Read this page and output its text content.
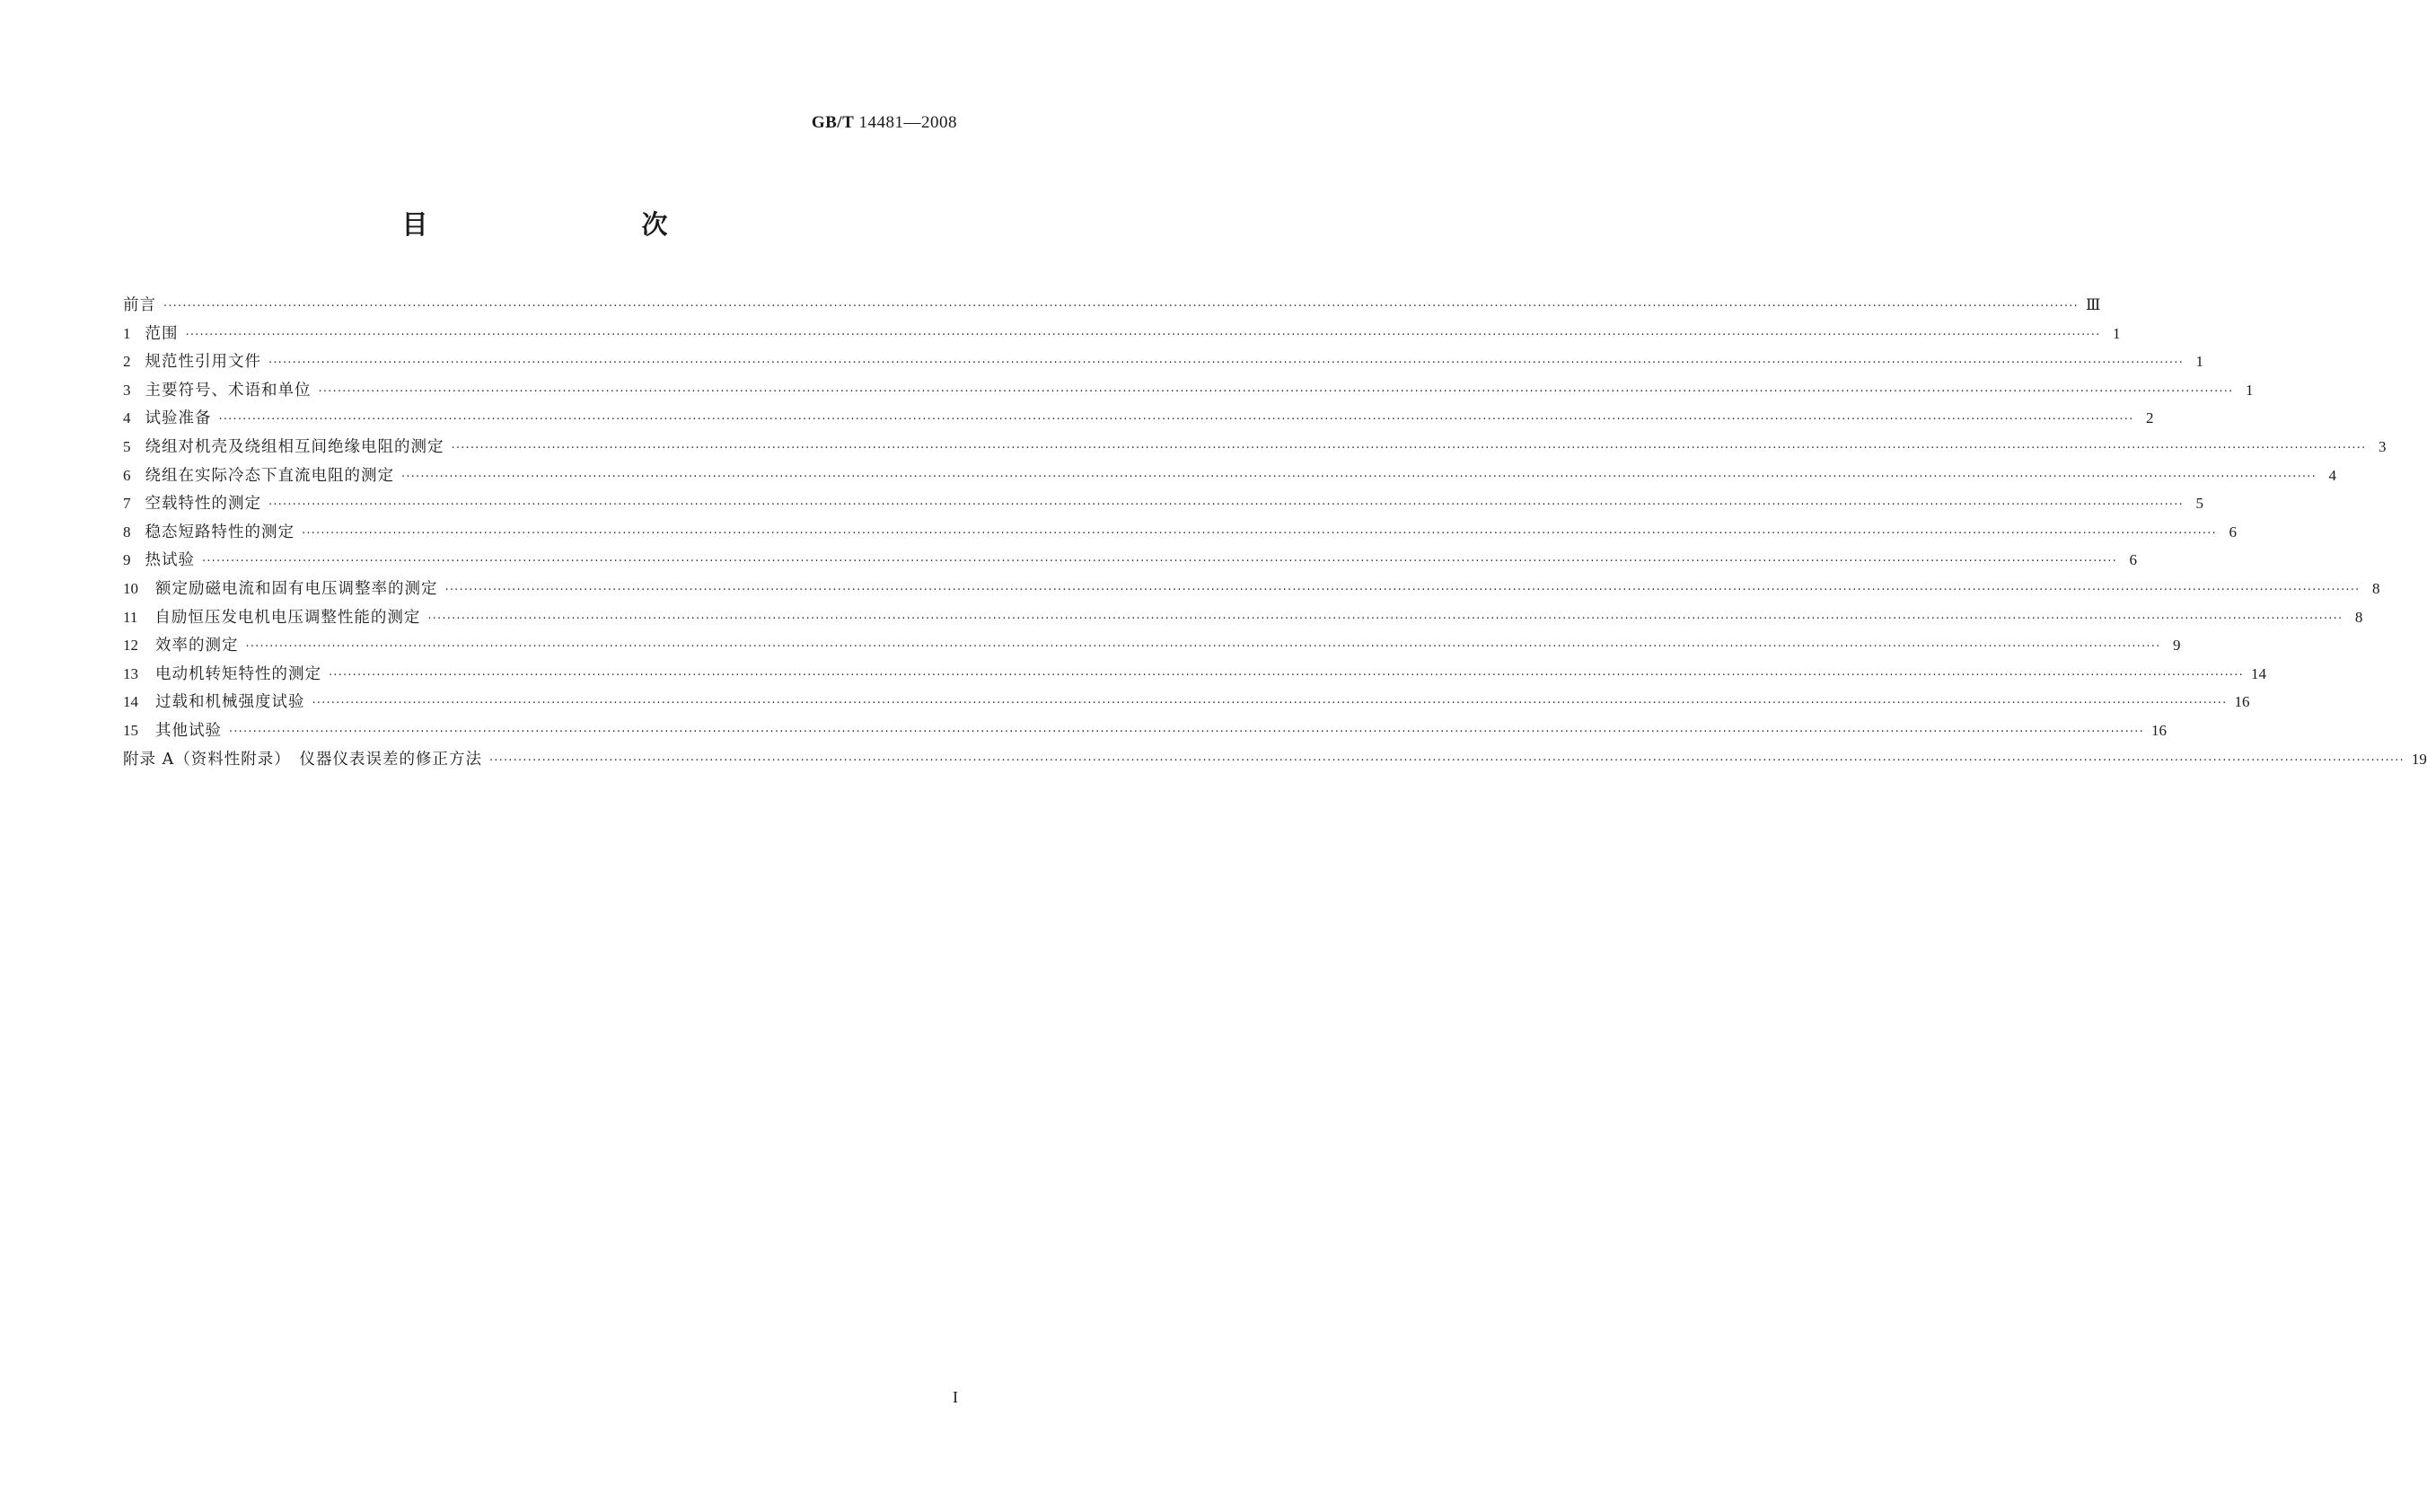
GB/T 14481—2008
目　　次
前言 ················································································································································································································································································································································································································ Ⅲ
1 范围 ················································································································································································································································································································································································································ 1
2 规范性引用文件 ················································································································································································································································································································································································································ 1
3 主要符号、术语和单位 ················································································································································································································································································································································································································ 1
4 试验准备 ················································································································································································································································································································································································································ 2
5 绕组对机壳及绕组相互间绝缘电阻的测定 ················································································································································································································································································································································································································ 3
6 绕组在实际冷态下直流电阻的测定 ················································································································································································································································································································································································································ 4
7 空载特性的测定 ················································································································································································································································································································································································································ 5
8 稳态短路特性的测定 ················································································································································································································································································································································································································ 6
9 热试验 ················································································································································································································································································································································································································ 6
10 额定励磁电流和固有电压调整率的测定 ················································································································································································································································································································································································································ 8
11 自励恒压发电机电压调整性能的测定 ················································································································································································································································································································································································································ 8
12 效率的测定 ················································································································································································································································································································································································································ 9
13 电动机转矩特性的测定 ················································································································································································································································································································································································································ 14
14 过载和机械强度试验 ················································································································································································································································································································································································································ 16
15 其他试验 ················································································································································································································································································································································································································ 16
附录 A（资料性附录）　仪器仪表误差的修正方法 ················································································································································································································································································································································································································ 19
I
